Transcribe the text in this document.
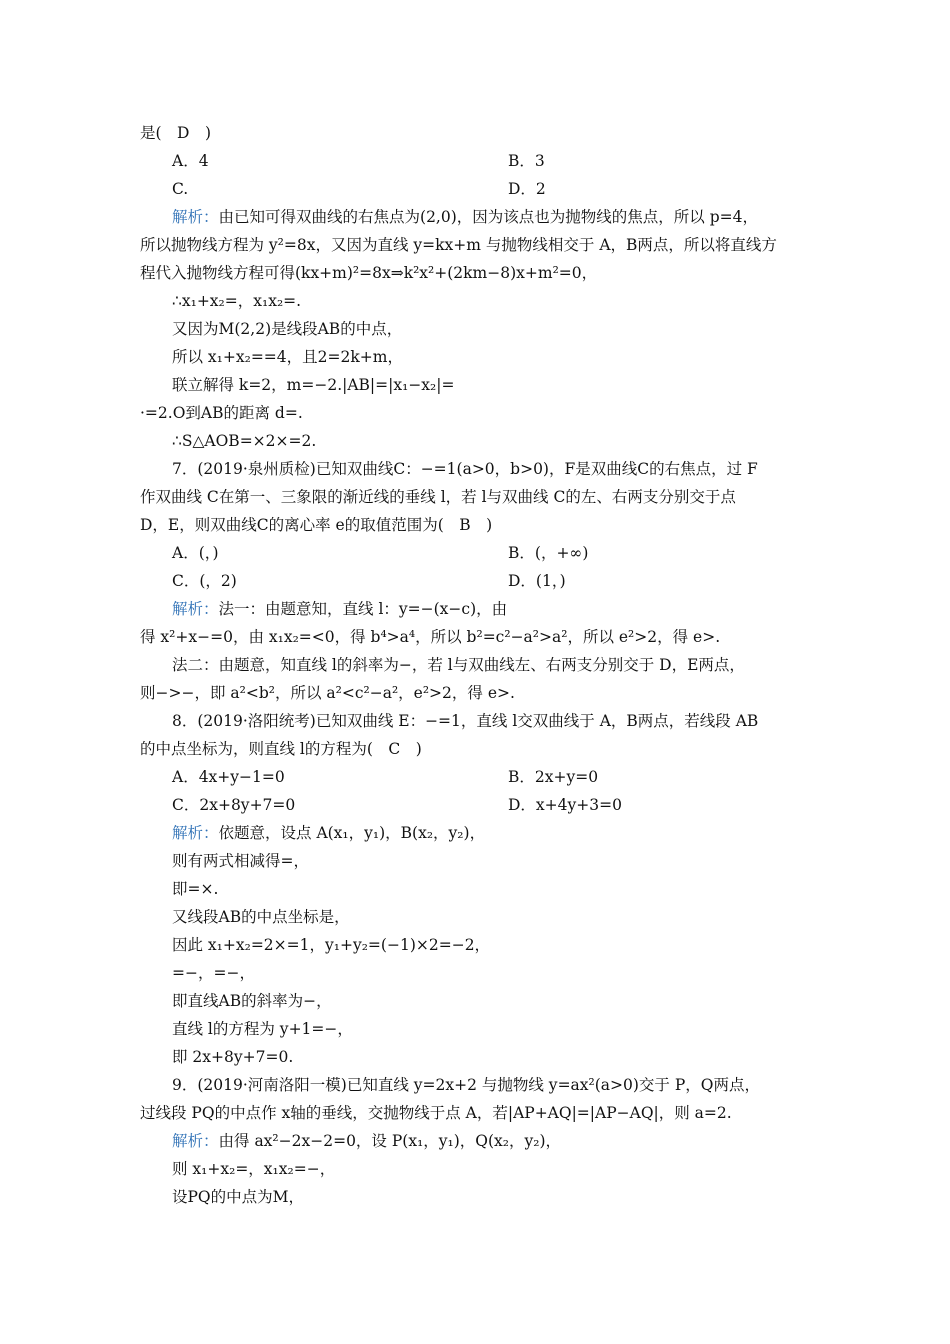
是(　D　)
A．4	B．3
C.	D．2
解析：由已知可得双曲线的右焦点为(2,0)，因为该点也为抛物线的焦点，所以 p=4，
所以抛物线方程为 y²=8x，又因为直线 y=kx+m 与抛物线相交于 A，B两点，所以将直线方
程代入抛物线方程可得(kx+m)²=8x⇒k²x²+(2km−8)x+m²=0，
∴x₁+x₂=，x₁x₂=.
又因为M(2,2)是线段AB的中点，
所以 x₁+x₂==4，且2=2k+m，
联立解得 k=2，m=−2.|AB|=|x₁−x₂|=
·=2.O到AB的距离 d=.
∴S△AOB=×2×=2.
7．(2019·泉州质检)已知双曲线C：−=1(a>0，b>0)，F是双曲线C的右焦点，过 F
作双曲线 C在第一、三象限的渐近线的垂线 l，若 l与双曲线 C的左、右两支分别交于点
D，E，则双曲线C的离心率 e的取值范围为(　B　)
A．(，)	B．(，+∞)
C．(，2)	D．(1，)
解析：法一：由题意知，直线 l：y=−(x−c)，由
得 x²+x−=0，由 x₁x₂=<0，得 b⁴>a⁴，所以 b²=c²−a²>a²，所以 e²>2，得 e>.
法二：由题意，知直线 l的斜率为−，若 l与双曲线左、右两支分别交于 D，E两点，
则−>−，即 a²<b²，所以 a²<c²−a²，e²>2，得 e>.
8．(2019·洛阳统考)已知双曲线 E：−=1，直线 l交双曲线于 A，B两点，若线段 AB
的中点坐标为，则直线 l的方程为(　C　)
A．4x+y−1=0	B．2x+y=0
C．2x+8y+7=0	D．x+4y+3=0
解析：依题意，设点 A(x₁，y₁)，B(x₂，y₂)，
则有两式相减得=，
即=×.
又线段AB的中点坐标是，
因此 x₁+x₂=2×=1，y₁+y₂=(−1)×2=−2，
=−，=−，
即直线AB的斜率为−，
直线 l的方程为 y+1=−，
即 2x+8y+7=0.
9．(2019·河南洛阳一模)已知直线 y=2x+2 与抛物线 y=ax²(a>0)交于 P，Q两点，
过线段 PQ的中点作 x轴的垂线，交抛物线于点 A，若|AP+AQ|=|AP−AQ|，则 a=2.
解析：由得 ax²−2x−2=0，设 P(x₁，y₁)，Q(x₂，y₂)，
则 x₁+x₂=，x₁x₂=−，
设PQ的中点为M，
